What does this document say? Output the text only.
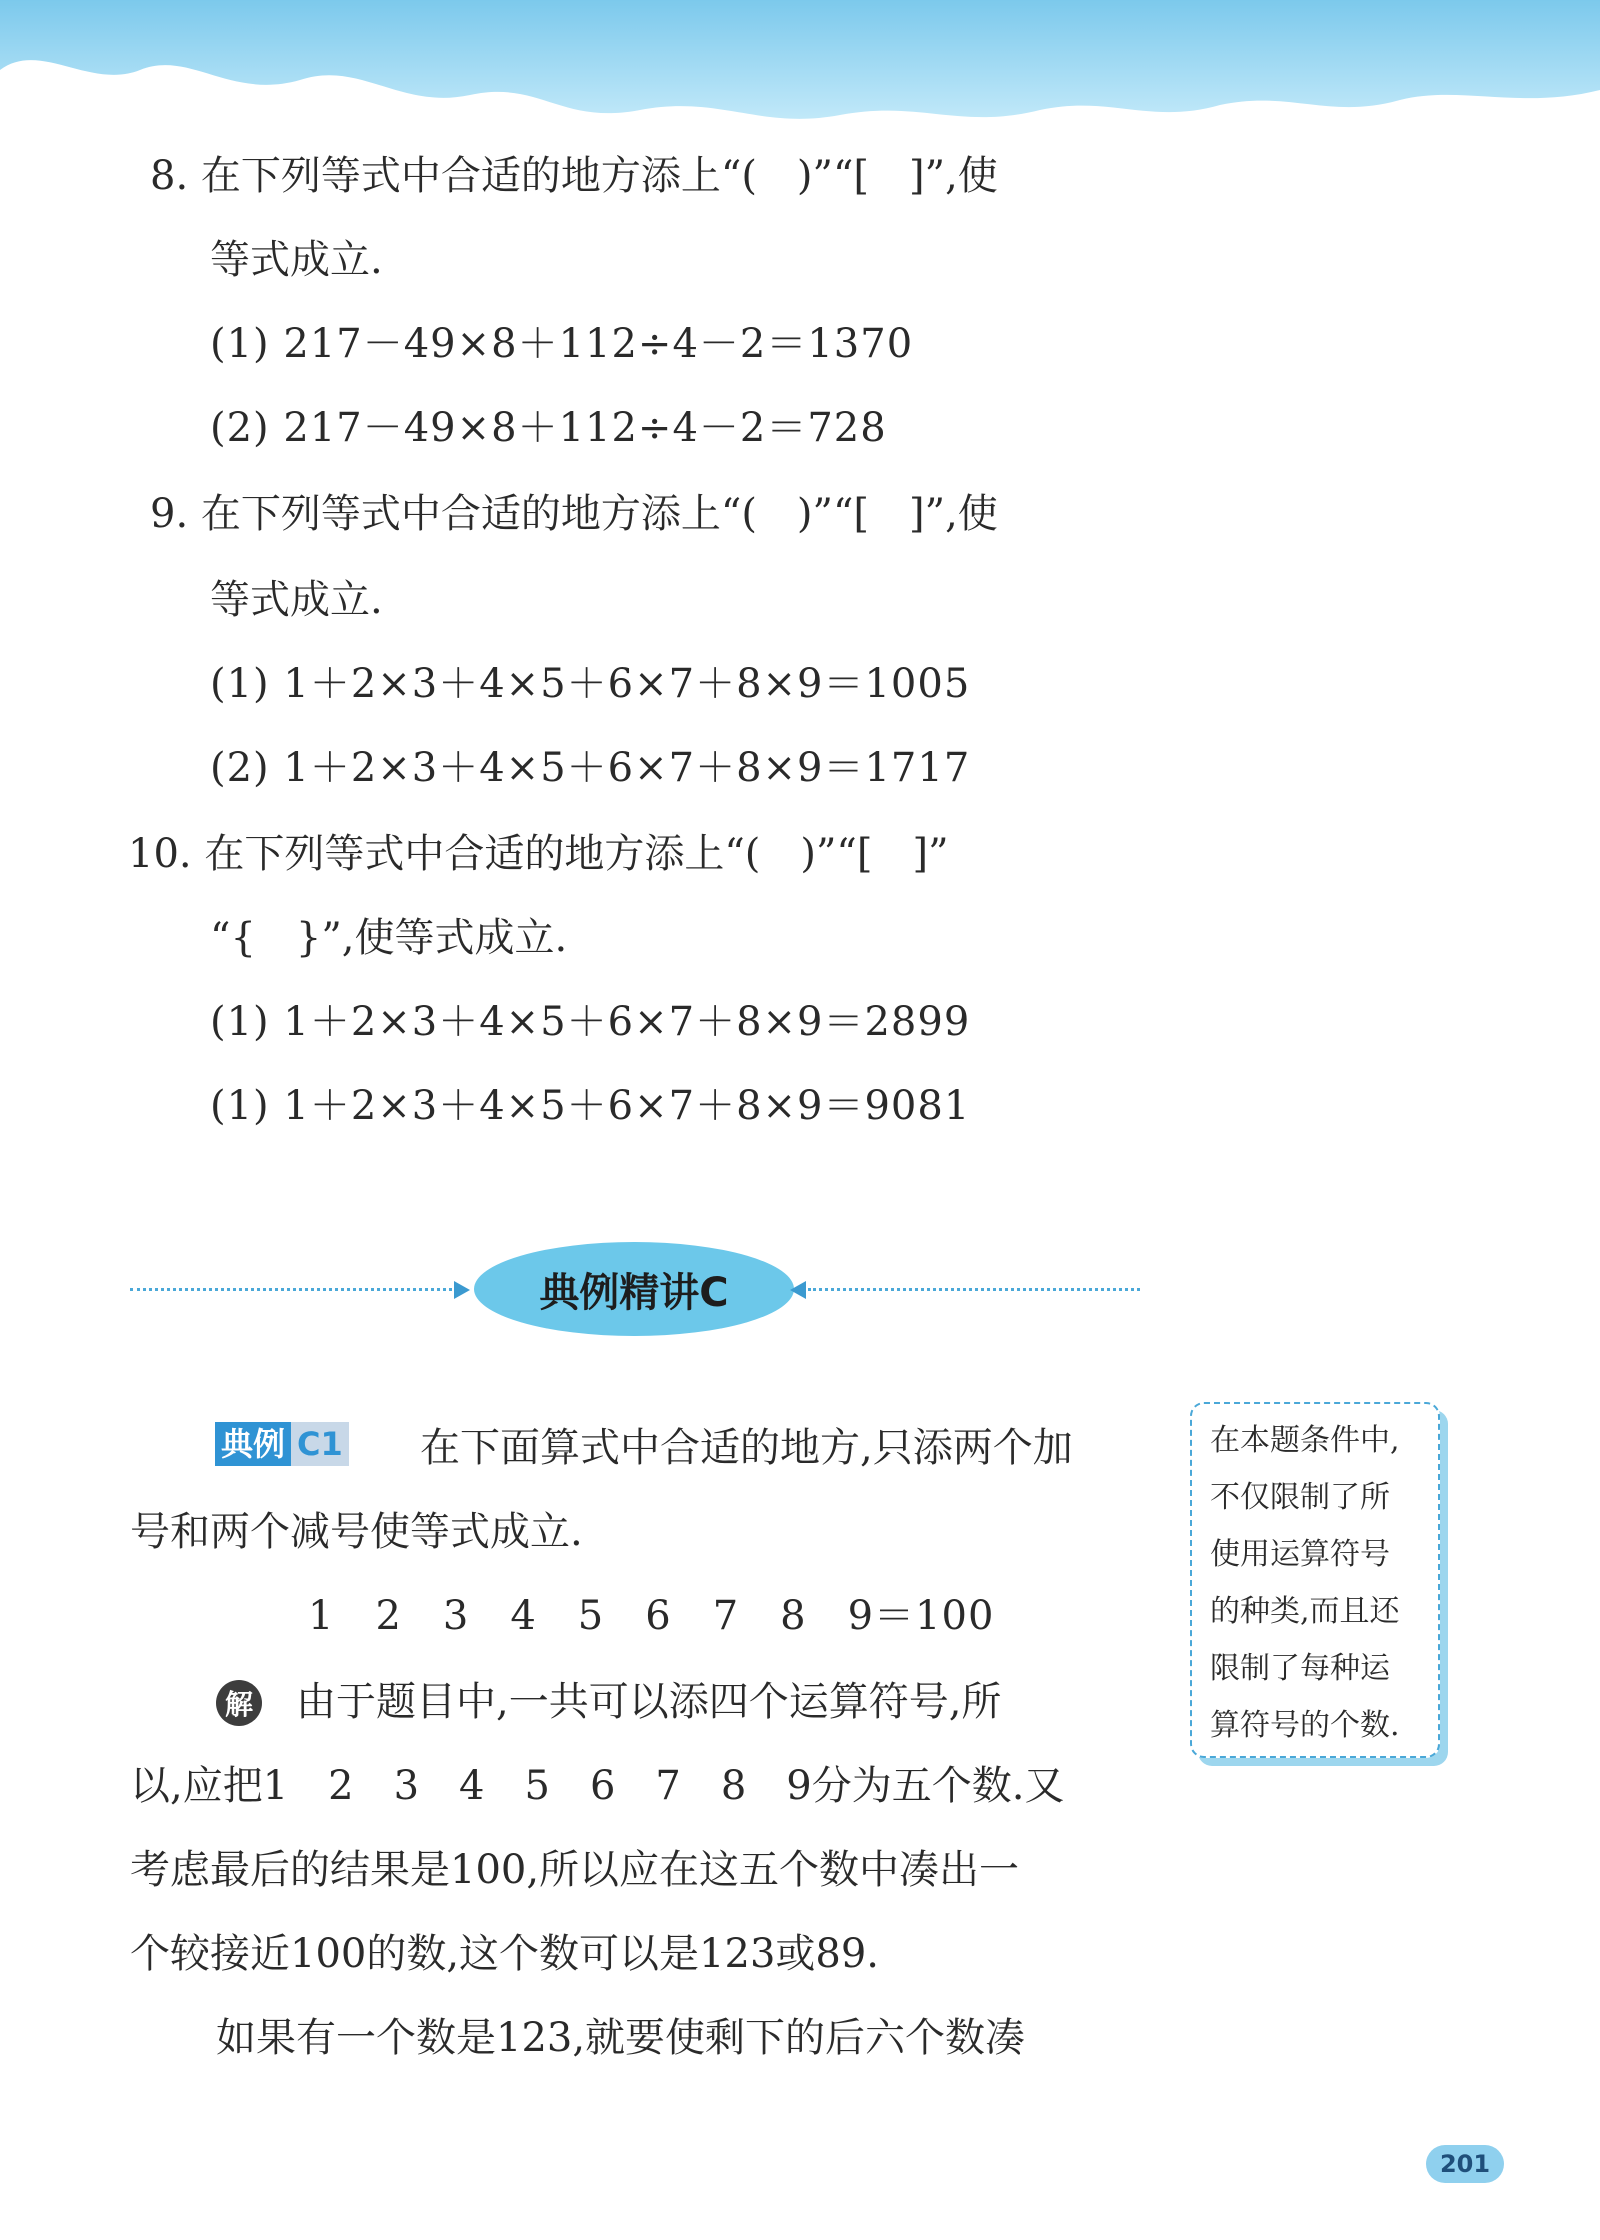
8. 在下列等式中合适的地方添上“(　)”“[　]”,使
等式成立.
(1) 217－49×8＋112÷4－2＝1370
(2) 217－49×8＋112÷4－2＝728
9. 在下列等式中合适的地方添上“(　)”“[　]”,使
等式成立.
(1) 1＋2×3＋4×5＋6×7＋8×9＝1005
(2) 1＋2×3＋4×5＋6×7＋8×9＝1717
10. 在下列等式中合适的地方添上“(　)”“[　]”
“{　}”,使等式成立.
(1) 1＋2×3＋4×5＋6×7＋8×9＝2899
(1) 1＋2×3＋4×5＋6×7＋8×9＝9081
典例精讲C
典例 C1 在下面算式中合适的地方,只添两个加
号和两个减号使等式成立.
1　2　3　4　5　6　7　8　9＝100
解 由于题目中,一共可以添四个运算符号,所
以,应把1　2　3　4　5　6　7　8　9分为五个数.又
考虑最后的结果是100,所以应在这五个数中凑出一
个较接近100的数,这个数可以是123或89.
如果有一个数是123,就要使剩下的后六个数凑
在本题条件中,
不仅限制了所
使用运算符号
的种类,而且还
限制了每种运
算符号的个数.
201
